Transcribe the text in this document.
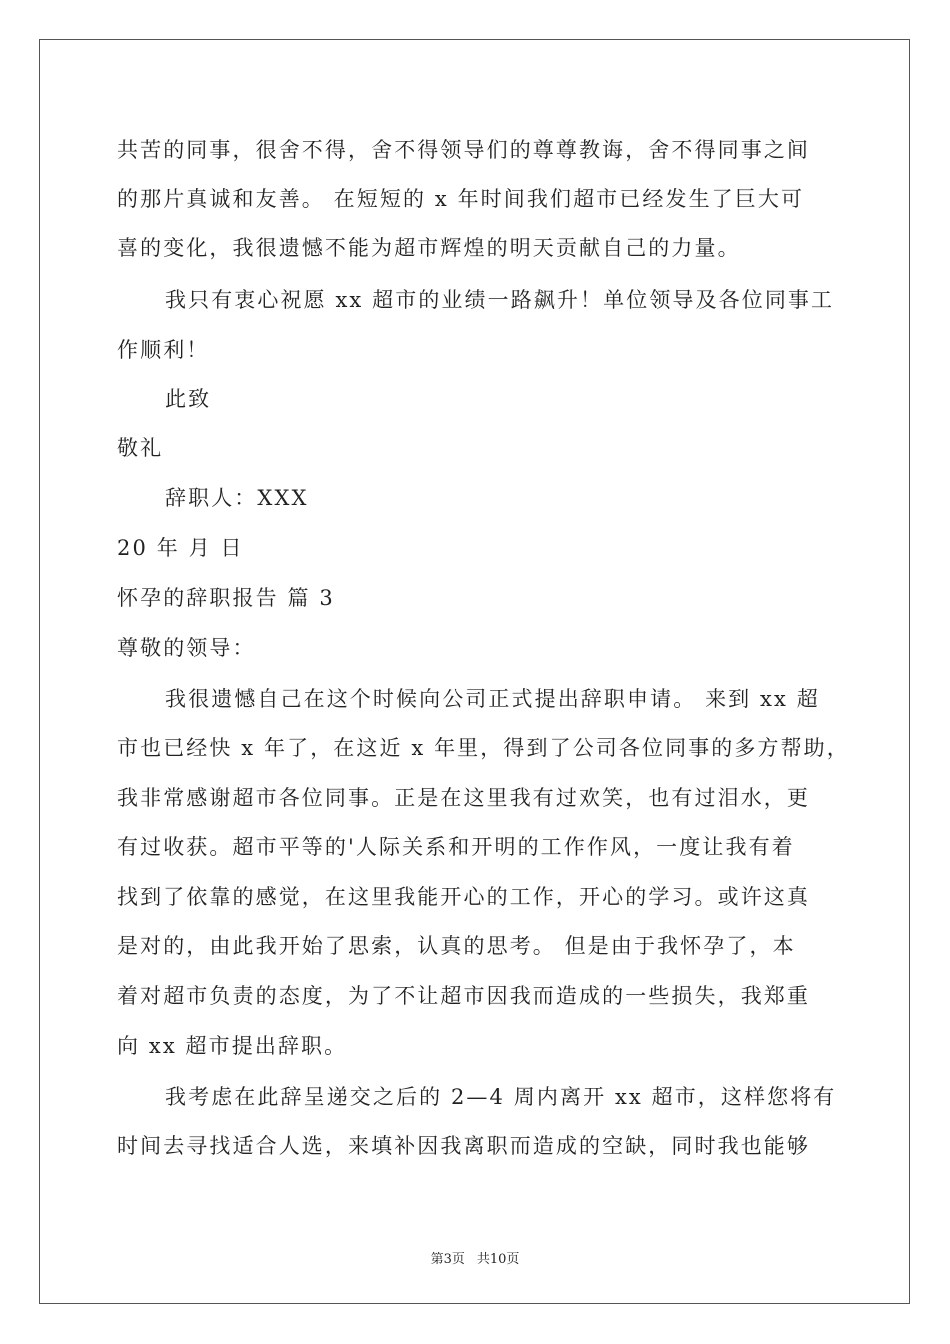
共苦的同事，很舍不得，舍不得领导们的尊尊教诲，舍不得同事之间
的那片真诚和友善。 在短短的 x 年时间我们超市已经发生了巨大可
喜的变化，我很遗憾不能为超市辉煌的明天贡献自己的力量。
我只有衷心祝愿 xx 超市的业绩一路飙升！单位领导及各位同事工
作顺利！
此致
敬礼
辞职人：XXX
20 年 月 日
怀孕的辞职报告 篇 3
尊敬的领导：
我很遗憾自己在这个时候向公司正式提出辞职申请。 来到 xx 超
市也已经快 x 年了，在这近 x 年里，得到了公司各位同事的多方帮助，
我非常感谢超市各位同事。正是在这里我有过欢笑，也有过泪水，更
有过收获。超市平等的'人际关系和开明的工作作风，一度让我有着
找到了依靠的感觉，在这里我能开心的工作，开心的学习。或许这真
是对的，由此我开始了思索，认真的思考。 但是由于我怀孕了，本
着对超市负责的态度，为了不让超市因我而造成的一些损失，我郑重
向 xx 超市提出辞职。
我考虑在此辞呈递交之后的 2—4 周内离开 xx 超市，这样您将有
时间去寻找适合人选，来填补因我离职而造成的空缺，同时我也能够
第3页 共10页
